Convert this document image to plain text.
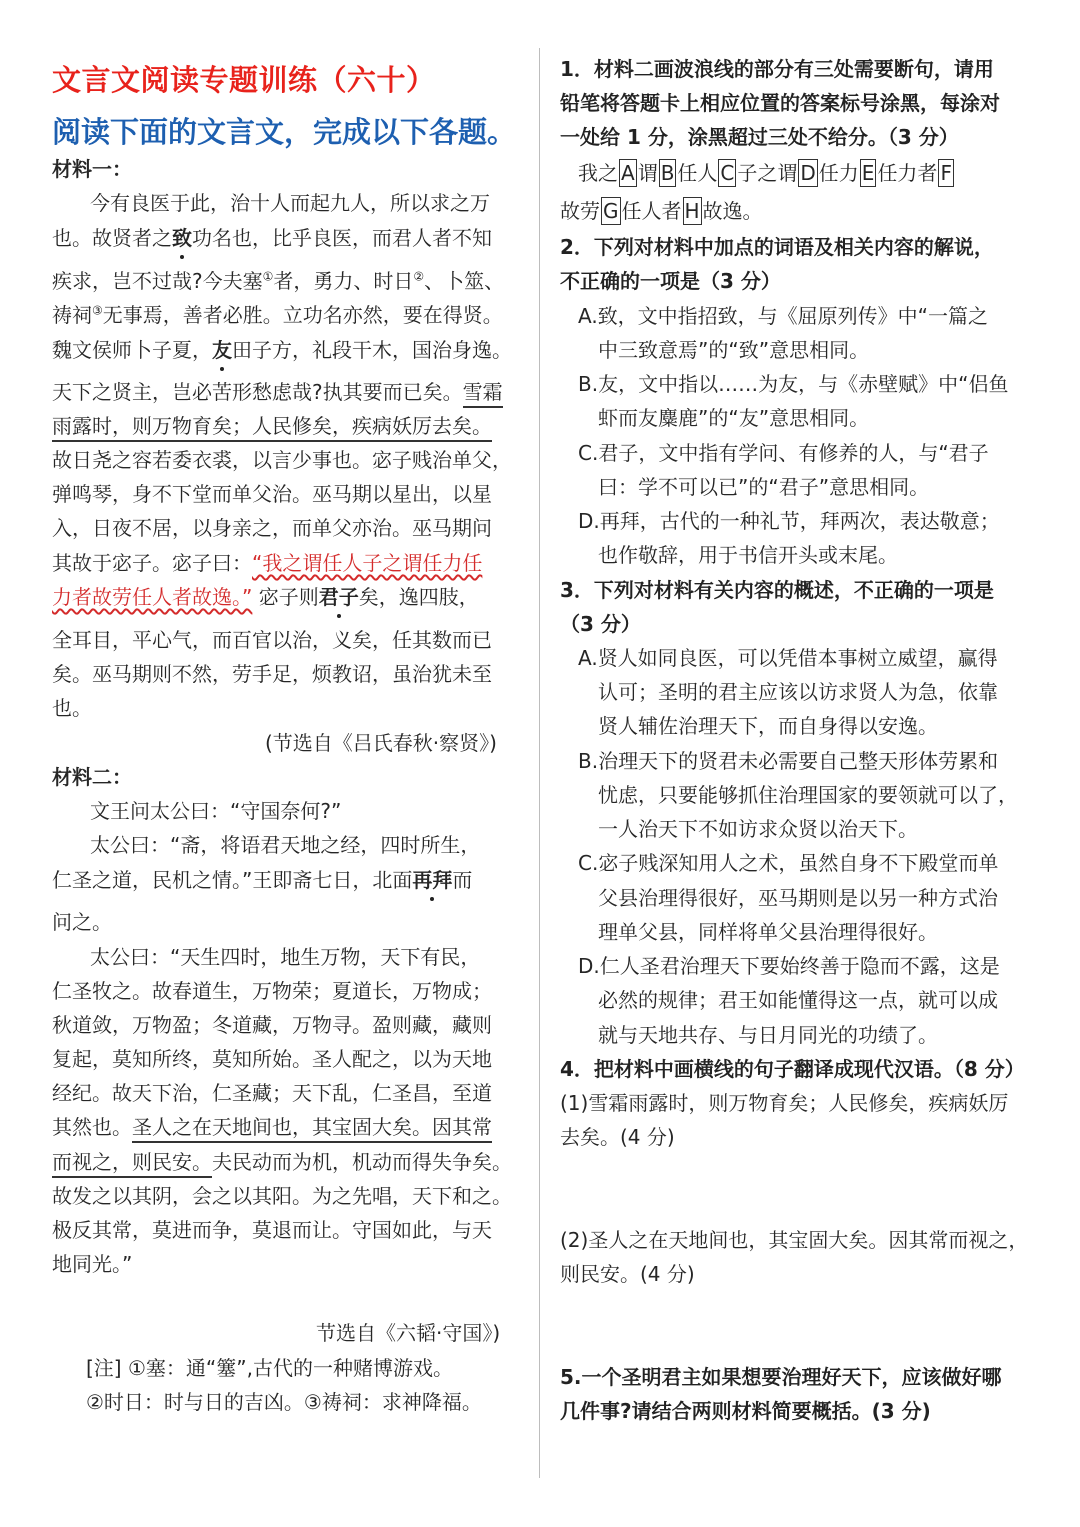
文言文阅读专题训练（六十）
阅读下面的文言文，完成以下各题。
材料一：
今有良医于此，治十人而起九人，所以求之万
也。故贤者之致功名也，比乎良医，而君人者不知
疾求，岂不过哉?今夫塞①者，勇力、时日②、卜筮、
祷祠③无事焉，善者必胜。立功名亦然，要在得贤。
魏文侯师卜子夏，友田子方，礼段干木，国治身逸。
天下之贤主，岂必苦形愁虑哉?执其要而已矣。雪霜
雨露时，则万物育矣；人民修矣，疾病妖厉去矣。
故日尧之容若委衣裘，以言少事也。宓子贱治单父，
弹鸣琴，身不下堂而单父治。巫马期以星出，以星
入，日夜不居，以身亲之，而单父亦治。巫马期问
其故于宓子。宓子曰：“我之谓任人子之谓任力任
力者故劳任人者故逸。” 宓子则君子矣，逸四肢，
全耳目，平心气，而百官以治，义矣，任其数而已
矣。巫马期则不然，劳手足，烦教诏，虽治犹未至
也。
(节选自《吕氏春秋·察贤》)
材料二：
文王问太公曰：“守国奈何?”
太公曰：“斋，将语君天地之经，四时所生，
仁圣之道，民机之情。”王即斋七日，北面再拜而
问之。
太公曰：“天生四时，地生万物，天下有民，
仁圣牧之。故春道生，万物荣；夏道长，万物成；
秋道敛，万物盈；冬道藏，万物寻。盈则藏，藏则
复起，莫知所终，莫知所始。圣人配之，以为天地
经纪。故天下治，仁圣藏；天下乱，仁圣昌，至道
其然也。圣人之在天地间也，其宝固大矣。因其常
而视之，则民安。夫民动而为机，机动而得失争矣。
故发之以其阴，会之以其阳。为之先唱，天下和之。
极反其常，莫进而争，莫退而让。守国如此，与天
地同光。”
节选自《六韬·守国》)
[注] ①塞：通“簺”,古代的一种赌博游戏。
②时日：时与日的吉凶。③祷祠：求神降福。
1．材料二画波浪线的部分有三处需要断句，请用
铅笔将答题卡上相应位置的答案标号涂黑，每涂对
一处给 1 分，涂黑超过三处不给分。（3 分）
我之 A 谓 B 任人 C 子之谓 D 任力 E 任力者 F
故劳 G 任人者 H 故逸。
2．下列对材料中加点的词语及相关内容的解说，
不正确的一项是（3 分）
A.致，文中指招致，与《屈原列传》中“一篇之
中三致意焉”的“致”意思相同。
B.友，文中指以……为友，与《赤壁赋》中“侣鱼
虾而友麋鹿”的“友”意思相同。
C.君子，文中指有学问、有修养的人，与“君子
曰：学不可以已”的“君子”意思相同。
D.再拜，古代的一种礼节，拜两次，表达敬意；
也作敬辞，用于书信开头或末尾。
3．下列对材料有关内容的概述，不正确的一项是
（3 分）
A.贤人如同良医，可以凭借本事树立威望，赢得
认可；圣明的君主应该以访求贤人为急，依靠
贤人辅佐治理天下，而自身得以安逸。
B.治理天下的贤君未必需要自己整天形体劳累和
忧虑，只要能够抓住治理国家的要领就可以了，
一人治天下不如访求众贤以治天下。
C.宓子贱深知用人之术，虽然自身不下殿堂而单
父县治理得很好，巫马期则是以另一种方式治
理单父县，同样将单父县治理得很好。
D.仁人圣君治理天下要始终善于隐而不露，这是
必然的规律；君王如能懂得这一点，就可以成
就与天地共存、与日月同光的功绩了。
4．把材料中画横线的句子翻译成现代汉语。（8 分）
(1)雪霜雨露时，则万物育矣；人民修矣，疾病妖厉
去矣。(4 分)
(2)圣人之在天地间也，其宝固大矣。因其常而视之，
则民安。(4 分)
5.一个圣明君主如果想要治理好天下，应该做好哪
几件事?请结合两则材料简要概括。(3 分)
